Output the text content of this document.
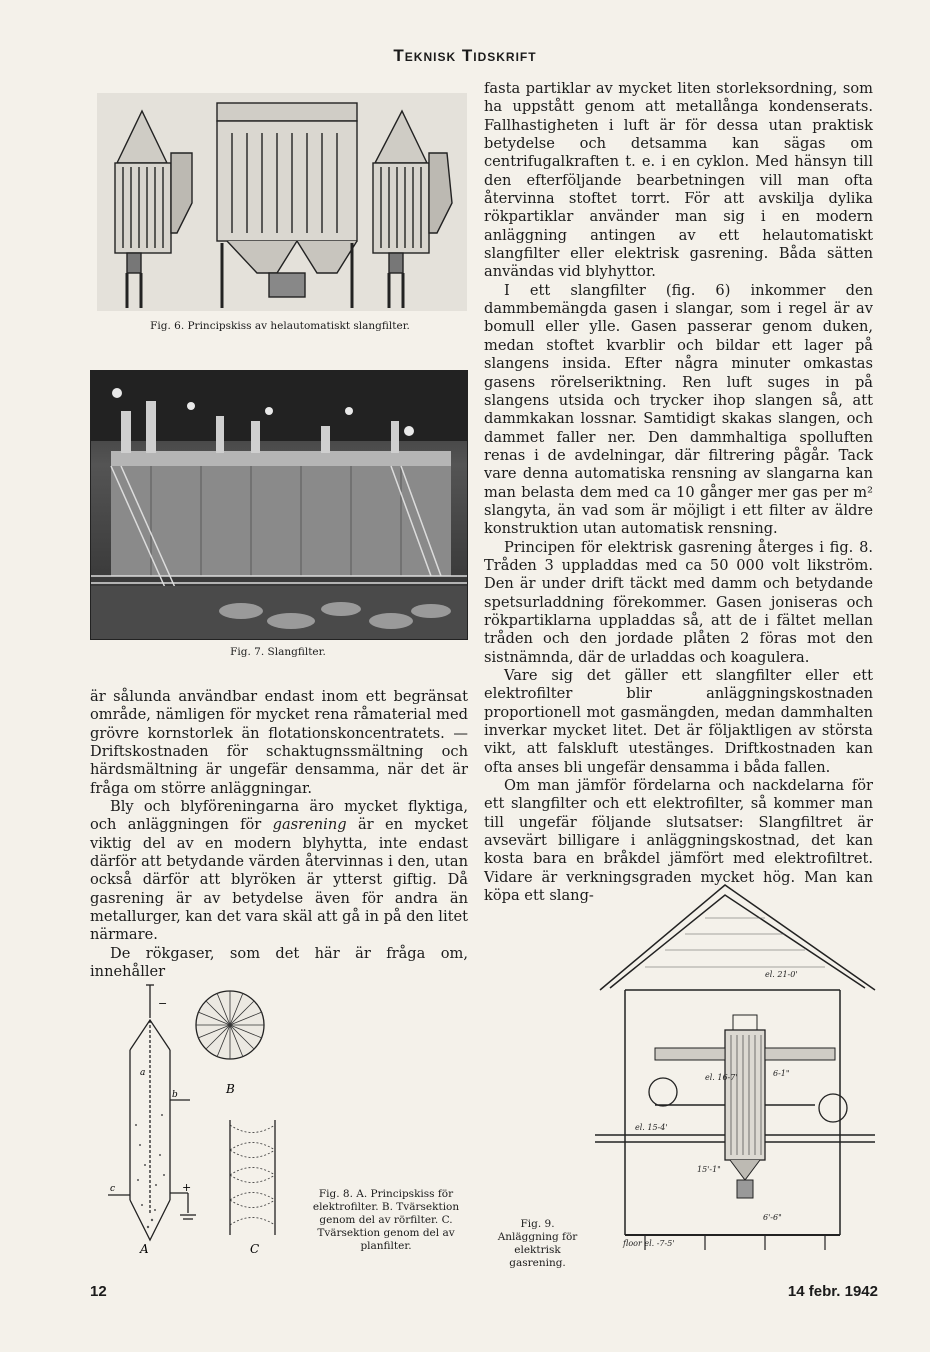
Teknisk Tidskrift
Fig. 6. Principskiss av helautomatiskt slangfilter.
Fig. 7. Slangfilter.

är sålunda användbar endast inom ett begränsat område, nämligen för mycket rena råmaterial med grövre kornstorlek än flotationskoncentratets. — Driftskostnaden för schaktugnssmältning och härdsmältning är ungefär densamma, när det är fråga om större anläggningar.

Bly och blyföreningarna äro mycket flyktiga, och anläggningen för gasrening är en mycket viktig del av en modern blyhytta, inte endast därför att betydande värden återvinnas i den, utan också därför att blyröken är ytterst giftig. Då gasrening är av betydelse även för andra än metallurger, kan det vara skäl att gå in på den litet närmare.

De rökgaser, som det här är fråga om, innehåller

−
a
b
+
c
A
B
C
Fig. 8. A. Principskiss för elektrofilter. B. Tvärsektion genom del av rörfilter. C. Tvärsektion genom del av planfilter.

fasta partiklar av mycket liten storleksordning, som ha uppstått genom att metallånga kondenserats. Fallhastigheten i luft är för dessa utan praktisk betydelse och detsamma kan sägas om centrifugalkraften t. e. i en cyklon. Med hänsyn till den efterföljande bearbetningen vill man ofta återvinna stoftet torrt. För att avskilja dylika rökpartiklar använder man sig i en modern anläggning antingen av ett helautomatiskt slangfilter eller elektrisk gasrening. Båda sätten användas vid blyhyttor.

I ett slangfilter (fig. 6) inkommer den dammbemängda gasen i slangar, som i regel är av bomull eller ylle. Gasen passerar genom duken, medan stoftet kvarblir och bildar ett lager på slangens insida. Efter några minuter omkastas gasens rörelseriktning. Ren luft suges in på slangens utsida och trycker ihop slangen så, att dammkakan lossnar. Samtidigt skakas slangen, och dammet faller ner. Den dammhaltiga spolluften renas i de avdelningar, där filtrering pågår. Tack vare denna automatiska rensning av slangarna kan man belasta dem med ca 10 gånger mer gas per m² slangyta, än vad som är möjligt i ett filter av äldre konstruktion utan automatisk rensning.

Principen för elektrisk gasrening återges i fig. 8. Tråden 3 uppladdas med ca 50 000 volt likström. Den är under drift täckt med damm och betydande spetsurladdning förekommer. Gasen joniseras och rökpartiklarna uppladdas så, att de i fältet mellan tråden och den jordade plåten 2 föras mot den sistnämnda, där de urladdas och koagulera.

Vare sig det gäller ett slangfilter eller ett elektrofilter blir anläggningskostnaden proportionell mot gasmängden, medan dammhalten inverkar mycket litet. Det är följaktligen av största vikt, att falskluft utestänges. Driftkostnaden kan ofta anses bli ungefär densamma i båda fallen.

Om man jämför fördelarna och nackdelarna för ett slangfilter och ett elektrofilter, så kommer man till ungefär följande slutsatser: Slangfiltret är avsevärt billigare i anläggningskostnad, det kan kosta bara en bråkdel jämfört med elektrofiltret. Vidare är verkningsgraden mycket hög. Man kan köpa ett slang-

el. 21-0'
el. 16-7'
el. 15-4'
15'-1"
6-1"
6'-6"
floor el. -7-5'
Fig. 9. Anläggning för elektrisk gasrening.
12	14 febr. 1942
